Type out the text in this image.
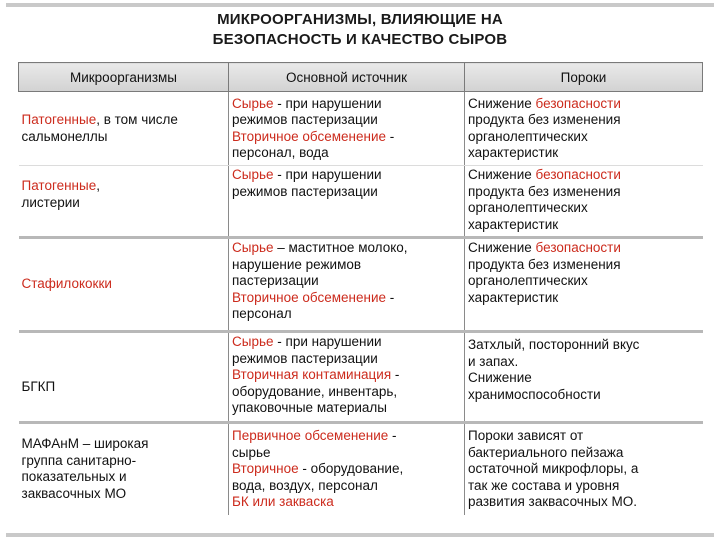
МИКРООРГАНИЗМЫ, ВЛИЯЮЩИЕ НА
БЕЗОПАСНОСТЬ И КАЧЕСТВО СЫРОВ
Микроорганизмы	Основной источник	Пороки

Патогенные, в том числе
сальмонеллы	Сырье - при нарушении
режимов пастеризации
Вторичное обсеменение -
персонал, вода	Снижение безопасности
продукта без изменения
органолептических
характеристик

Патогенные,
листерии	Сырье - при нарушении
режимов пастеризации	Снижение безопасности
продукта без изменения
органолептических
характеристик

Стафилококки	Сырье – маститное молоко,
нарушение режимов
пастеризации
Вторичное обсеменение -
персонал	Снижение безопасности
продукта без изменения
органолептических
характеристик

БГКП	Сырье - при нарушении
режимов пастеризации
Вторичная контаминация -
оборудование, инвентарь,
упаковочные материалы	Затхлый, посторонний вкус
и запах.
Снижение
хранимоспособности

МАФАнМ – широкая
группа санитарно-
показательных и
заквасочных МО	Первичное обсеменение -
сырье
Вторичное - оборудование,
вода, воздух, персонал
БК или закваска	Пороки зависят от
бактериального пейзажа
остаточной микрофлоры, а
так же состава и уровня
развития заквасочных МО.
